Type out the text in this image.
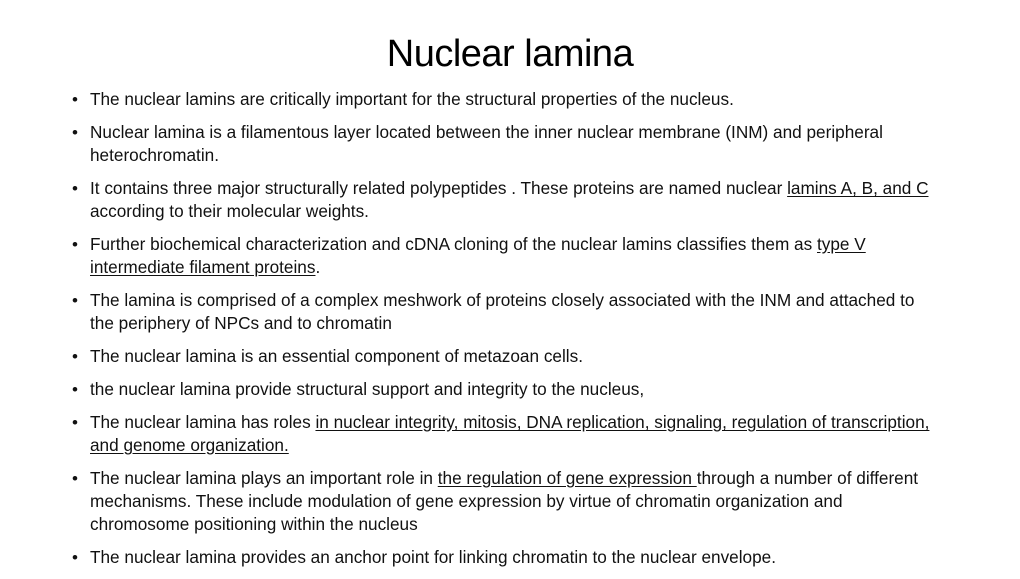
Nuclear lamina
• The nuclear lamins are critically important for the structural properties of the nucleus.
• Nuclear lamina is a filamentous layer located between the inner nuclear membrane (INM) and peripheral heterochromatin.
• It contains three major structurally related polypeptides . These proteins are named nuclear lamins A, B, and C according to their molecular weights.
• Further biochemical characterization and cDNA cloning of the nuclear lamins classifies them as type V intermediate filament proteins.
• The lamina is comprised of a complex meshwork of proteins closely associated with the INM and attached to the periphery of NPCs and to chromatin
• The nuclear lamina is an essential component of metazoan cells.
• the nuclear lamina provide structural support and integrity to the nucleus,
• The nuclear lamina has roles in nuclear integrity, mitosis, DNA replication, signaling, regulation of transcription, and genome organization.
• The nuclear lamina plays an important role in the regulation of gene expression through a number of different mechanisms. These include modulation of gene expression by virtue of chromatin organization and chromosome positioning within the nucleus
• The nuclear lamina provides an anchor point for linking chromatin to the nuclear envelope.
